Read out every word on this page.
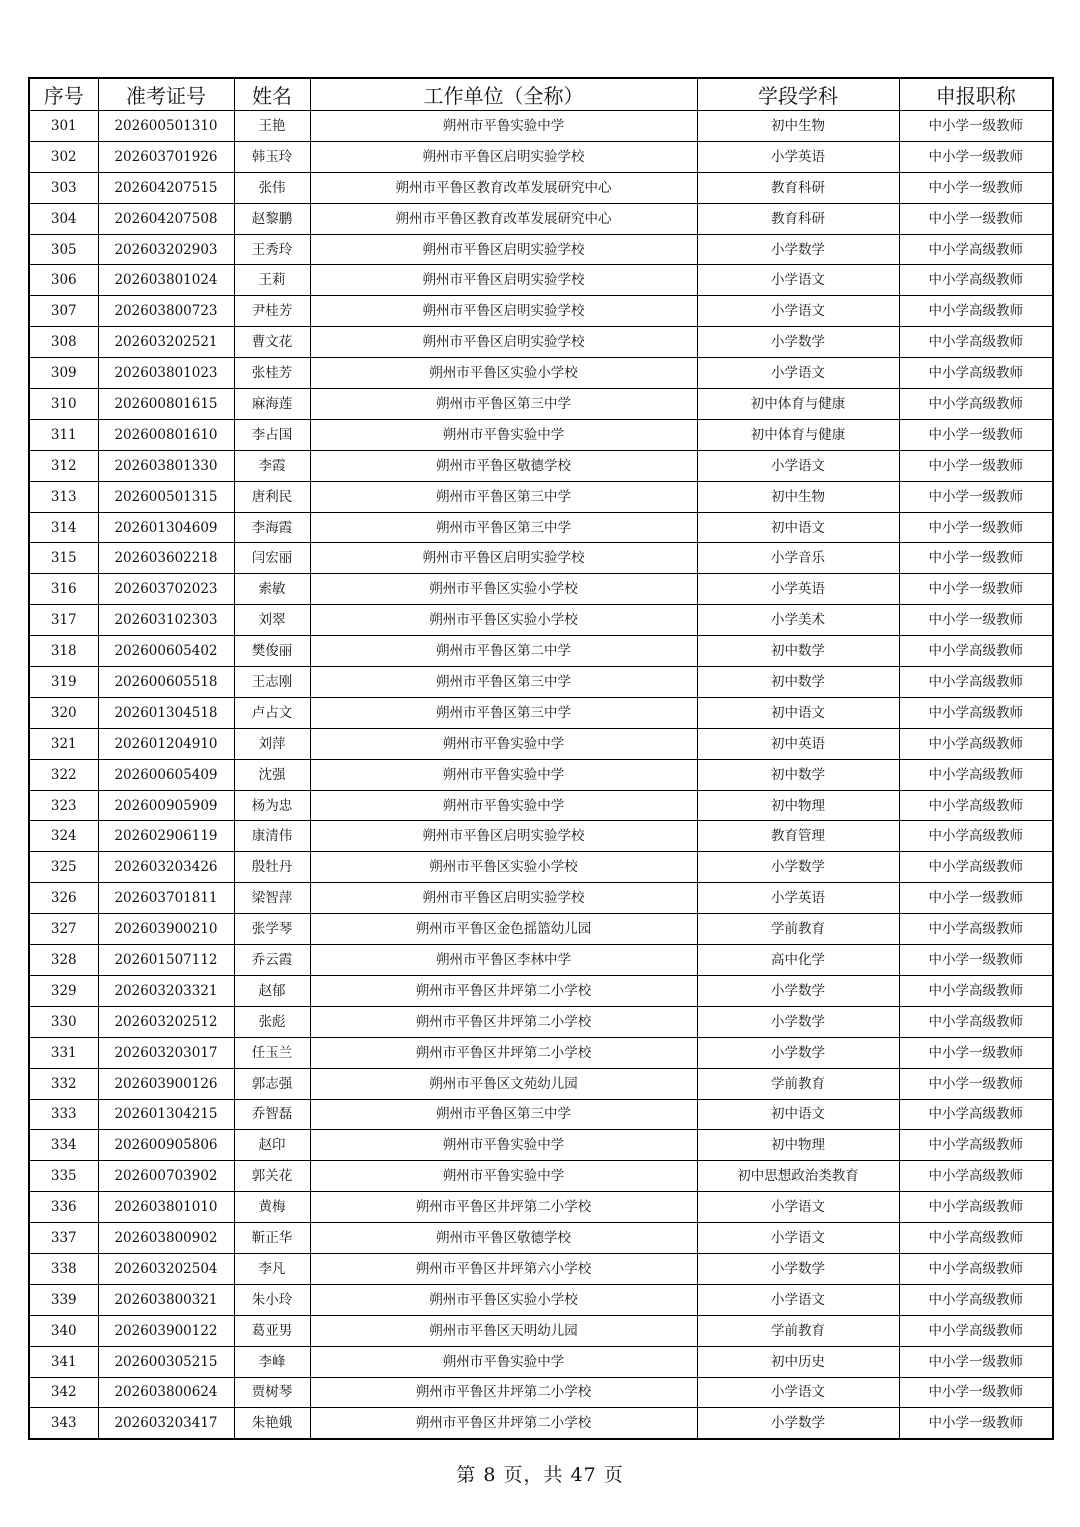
序号	准考证号	姓名	工作单位（全称）	学段学科	申报职称
301	202600501310	王艳	朔州市平鲁实验中学	初中生物	中小学一级教师
302	202603701926	韩玉玲	朔州市平鲁区启明实验学校	小学英语	中小学一级教师
303	202604207515	张伟	朔州市平鲁区教育改革发展研究中心	教育科研	中小学一级教师
304	202604207508	赵黎鹏	朔州市平鲁区教育改革发展研究中心	教育科研	中小学一级教师
305	202603202903	王秀玲	朔州市平鲁区启明实验学校	小学数学	中小学高级教师
306	202603801024	王莉	朔州市平鲁区启明实验学校	小学语文	中小学高级教师
307	202603800723	尹桂芳	朔州市平鲁区启明实验学校	小学语文	中小学高级教师
308	202603202521	曹文花	朔州市平鲁区启明实验学校	小学数学	中小学高级教师
309	202603801023	张桂芳	朔州市平鲁区实验小学校	小学语文	中小学高级教师
310	202600801615	麻海莲	朔州市平鲁区第三中学	初中体育与健康	中小学高级教师
311	202600801610	李占国	朔州市平鲁实验中学	初中体育与健康	中小学一级教师
312	202603801330	李霞	朔州市平鲁区敬德学校	小学语文	中小学一级教师
313	202600501315	唐利民	朔州市平鲁区第三中学	初中生物	中小学一级教师
314	202601304609	李海霞	朔州市平鲁区第三中学	初中语文	中小学一级教师
315	202603602218	闫宏丽	朔州市平鲁区启明实验学校	小学音乐	中小学一级教师
316	202603702023	索敏	朔州市平鲁区实验小学校	小学英语	中小学一级教师
317	202603102303	刘翠	朔州市平鲁区实验小学校	小学美术	中小学一级教师
318	202600605402	樊俊丽	朔州市平鲁区第二中学	初中数学	中小学高级教师
319	202600605518	王志刚	朔州市平鲁区第三中学	初中数学	中小学高级教师
320	202601304518	卢占文	朔州市平鲁区第三中学	初中语文	中小学高级教师
321	202601204910	刘萍	朔州市平鲁实验中学	初中英语	中小学高级教师
322	202600605409	沈强	朔州市平鲁实验中学	初中数学	中小学高级教师
323	202600905909	杨为忠	朔州市平鲁实验中学	初中物理	中小学高级教师
324	202602906119	康清伟	朔州市平鲁区启明实验学校	教育管理	中小学高级教师
325	202603203426	殷牡丹	朔州市平鲁区实验小学校	小学数学	中小学高级教师
326	202603701811	梁智萍	朔州市平鲁区启明实验学校	小学英语	中小学一级教师
327	202603900210	张学琴	朔州市平鲁区金色摇篮幼儿园	学前教育	中小学高级教师
328	202601507112	乔云霞	朔州市平鲁区李林中学	高中化学	中小学一级教师
329	202603203321	赵郁	朔州市平鲁区井坪第二小学校	小学数学	中小学高级教师
330	202603202512	张彪	朔州市平鲁区井坪第二小学校	小学数学	中小学高级教师
331	202603203017	任玉兰	朔州市平鲁区井坪第二小学校	小学数学	中小学一级教师
332	202603900126	郭志强	朔州市平鲁区文苑幼儿园	学前教育	中小学一级教师
333	202601304215	乔智磊	朔州市平鲁区第三中学	初中语文	中小学高级教师
334	202600905806	赵印	朔州市平鲁实验中学	初中物理	中小学高级教师
335	202600703902	郭关花	朔州市平鲁实验中学	初中思想政治类教育	中小学高级教师
336	202603801010	黄梅	朔州市平鲁区井坪第二小学校	小学语文	中小学高级教师
337	202603800902	靳正华	朔州市平鲁区敬德学校	小学语文	中小学高级教师
338	202603202504	李凡	朔州市平鲁区井坪第六小学校	小学数学	中小学高级教师
339	202603800321	朱小玲	朔州市平鲁区实验小学校	小学语文	中小学高级教师
340	202603900122	葛亚男	朔州市平鲁区天明幼儿园	学前教育	中小学高级教师
341	202600305215	李峰	朔州市平鲁实验中学	初中历史	中小学一级教师
342	202603800624	贾树琴	朔州市平鲁区井坪第二小学校	小学语文	中小学一级教师
343	202603203417	朱艳娥	朔州市平鲁区井坪第二小学校	小学数学	中小学一级教师
第 8 页，共 47 页
